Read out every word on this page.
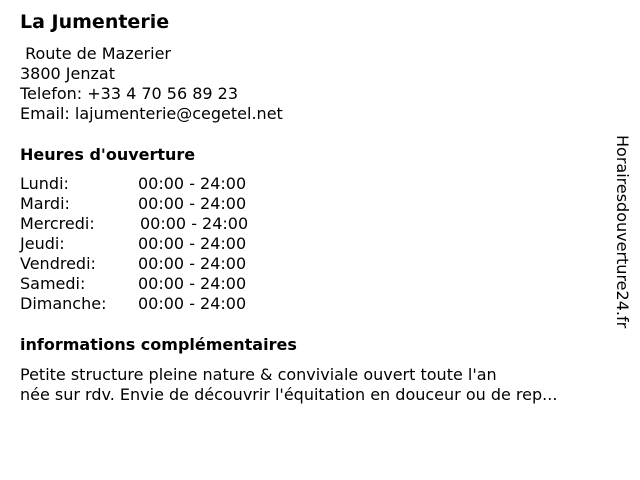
La Jumenterie
Route de Mazerier
3800 Jenzat
Telefon: +33 4 70 56 89 23
Email: lajumenterie@cegetel.net
Heures d'ouverture
Lundi:	00:00 - 24:00
Mardi:	00:00 - 24:00
Mercredi:	00:00 - 24:00
Jeudi:	00:00 - 24:00
Vendredi:	00:00 - 24:00
Samedi:	00:00 - 24:00
Dimanche: 00:00 - 24:00
informations complémentaires
Petite structure pleine nature & conviviale ouvert toute l'an
née sur rdv. Envie de découvrir l'équitation en douceur ou de rep...
Horairesdouverture24.fr
